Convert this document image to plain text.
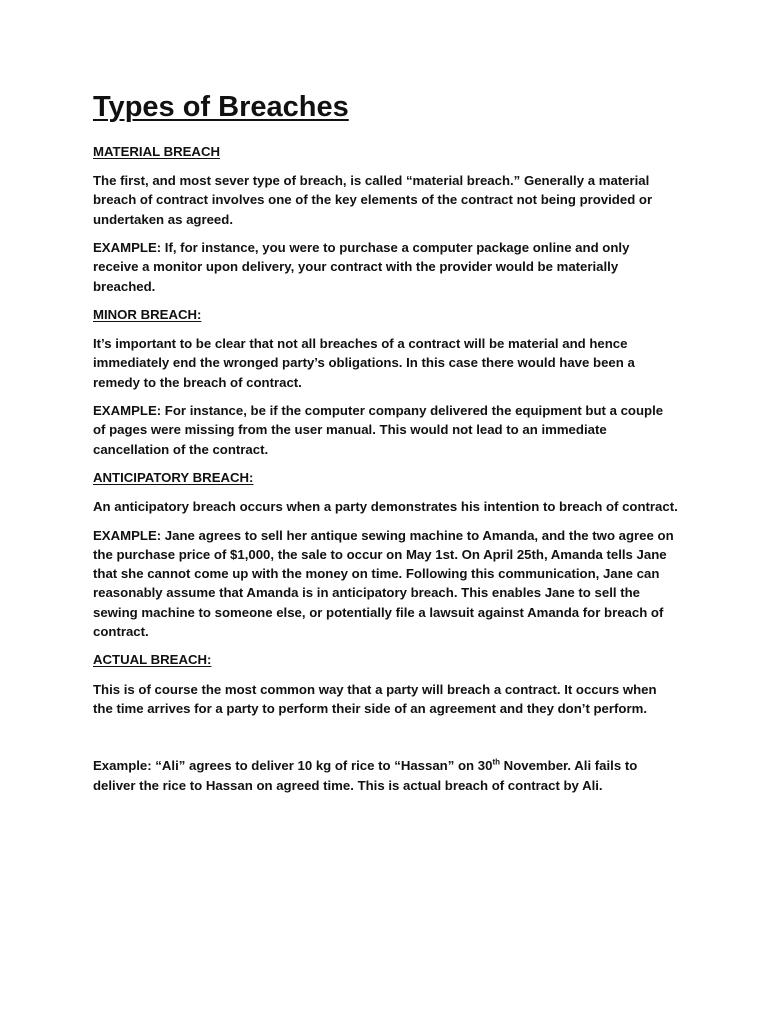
Types of Breaches
MATERIAL BREACH

The first, and most sever type of breach, is called “material breach.” Generally a material breach of contract involves one of the key elements of the contract not being provided or undertaken as agreed.

EXAMPLE: If, for instance, you were to purchase a computer package online and only receive a monitor upon delivery, your contract with the provider would be materially breached.

MINOR BREACH:

It’s important to be clear that not all breaches of a contract will be material and hence immediately end the wronged party’s obligations. In this case there would have been a remedy to the breach of contract.

EXAMPLE: For instance, be if the computer company delivered the equipment but a couple of pages were missing from the user manual. This would not lead to an immediate cancellation of the contract.

ANTICIPATORY BREACH:

An anticipatory breach occurs when a party demonstrates his intention to breach of contract.

EXAMPLE: Jane agrees to sell her antique sewing machine to Amanda, and the two agree on the purchase price of $1,000, the sale to occur on May 1st. On April 25th, Amanda tells Jane that she cannot come up with the money on time. Following this communication, Jane can reasonably assume that Amanda is in anticipatory breach. This enables Jane to sell the sewing machine to someone else, or potentially file a lawsuit against Amanda for breach of contract.

ACTUAL BREACH:

This is of course the most common way that a party will breach a contract. It occurs when the time arrives for a party to perform their side of an agreement and they don’t perform.

Example: “Ali” agrees to deliver 10 kg of rice to “Hassan” on 30th November. Ali fails to deliver the rice to Hassan on agreed time. This is actual breach of contract by Ali.
